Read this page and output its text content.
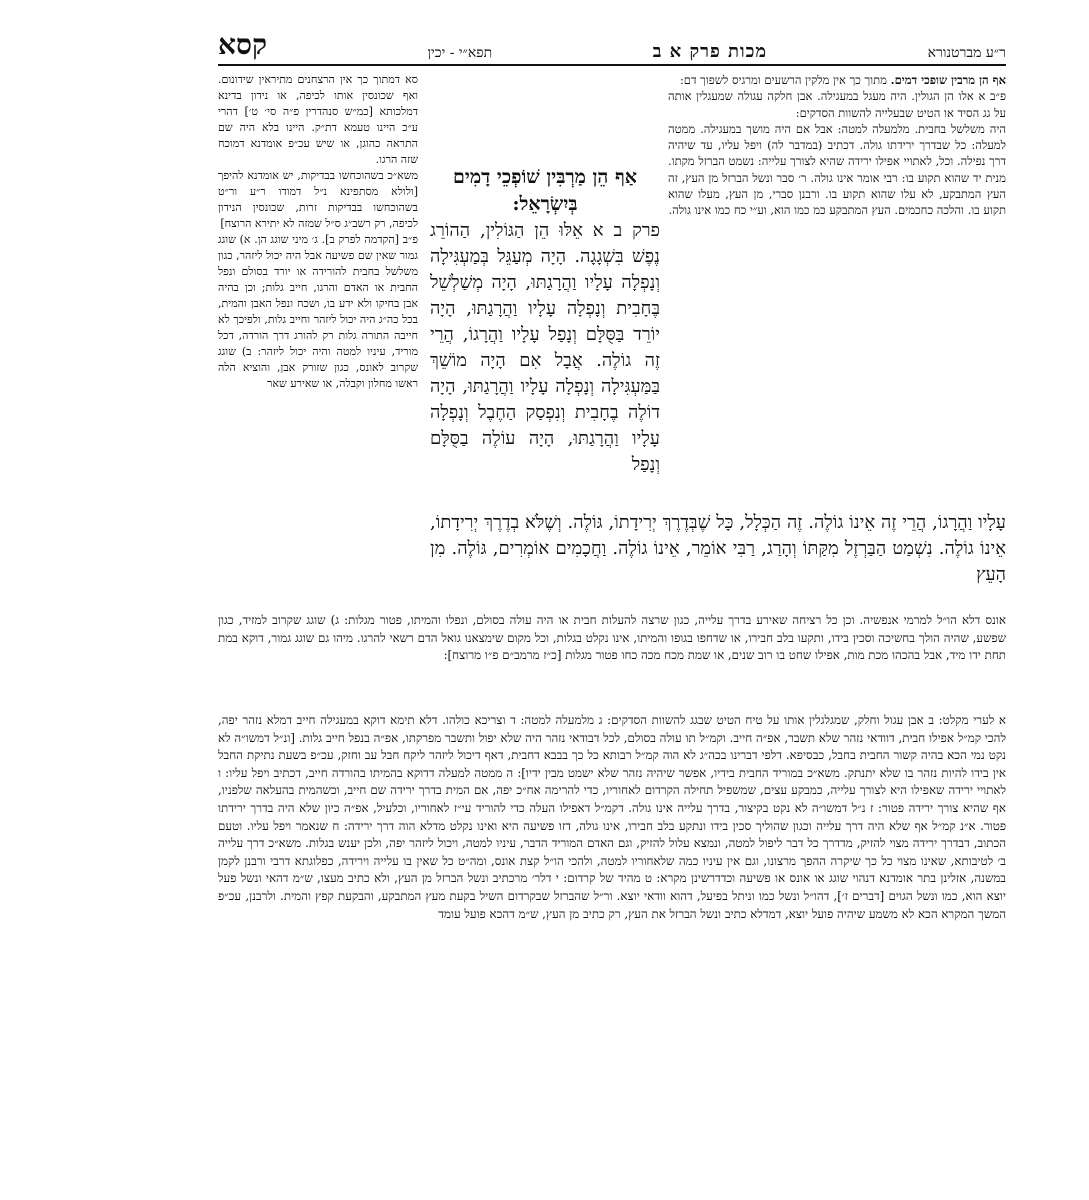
ר״ע מברטנורא
מכות פרק א ב
תפא״י - יכין
קסא
אף הן מרבין שופכי דמים. מתוך כך אין מלקין הרשעים ומרגיס לשפוך דם:
פ״ב א אלו הן הגולין. היה מעגל במעגילה. אבן חלקה עגולה שמעגלין אותה על גג הסיד או הטיט שבעלייה להשוות הסדקים:
היה משלשל בחבית. מלמעלה למטה: אבל אם היה מושך במעגילה. ממטה למעלה: כל שבדרך ירידתו גולה. דכתיב (במדבר לה) ויפל עליו, עד שיהיה דרך נפילה. וכל, לאתויי אפילו ירידה שהיא לצורך עלייה: נשמט הברזל מקתו. מנית יד שהוא תקוע בו: רבי אומר אינו גולה. ר׳ סבר ונשל הברזל מן העץ, זה העץ המתבקע, לא עלו שהוא תקוע בו. ורבנן סברי, מן העץ, מעלו שהוא תקוע בו. והלכה כחכמים. העץ המתבקע כמ כמו הוא, וע״י כח כמו אינו גולה.
סא דמתוך כך אין הרצחנים מתיראין שידונום. ואף שכונסין אותו לכיפה, או נידון בדינא דמלכותא [כמ״ש סנהדרין פ״ה סי׳ ט׳] דהרי ע״כ היינו טעמא דת״ק. היינו בלא היה שם התראה כהוגן, או שיש עכ״פ אומדנא דמוכח שזה הרגו.
משא״כ בשהוכחשו בבדיקות, יש אומדנא להיפך [ולולא מסתפינא נ״ל דמודו ר״ע ור״ט בשהוכחשו בבדיקות זרות, שכונסין הנידון לכיפה, רק רשב״ג ס״ל שמזה לא יתירא הרוצח]
פ״ב [הקדמה לפרק ב]. ג׳ מיני שוגג הן. א) שוגג גמור שאין שם פשיעה אבל היה יכול ליזהר, כגון משלשל בחבית להורידה או יורד בסולם ונפל החבית או האדם והרגו, חייב גלות; וכן בהיה אבן בחיקו ולא ידע בו, ושכח ונפל האבן והמית, בכל כה״ג היה יכול ליזהר וחייב גלות, ולפיכך לא חייבה התורה גלות רק להורג דרך הורדה, דכל מוריד, עיניו למטה והיה יכול ליזהר: ב) שוגג שקרוב לאונס, כגון שזורק אבן, והוציא הלה ראשו מחלון וקבלה, או שאירע שאר
אַף הֵן מַרְבִּין שׁוֹפְכֵי דָמִים בְּיִשְׂרָאֵל:
פרק ב א אֵלּוּ הֵן הַגּוֹלִין, הַהוֹרֵג נֶפֶשׁ בִּשְׁגָגָה. הָיָה מְעַגֵּל בְּמַעְגִּילָה וְנָפְלָה עָלָיו וַהֲרָגַתּוּ, הָיָה מְשַׁלְשֵׁל בֶּחָבִית וְנָפְלָה עָלָיו וַהֲרָגַתּוּ, הָיָה יוֹרֵד בַּסֻּלָּם וְנָפַל עָלָיו וַהֲרָגוֹ, הֲרֵי זֶה גוֹלֶה. אֲבָל אִם הָיָה מוֹשֵׁךְ בַּמַּעְגִּילָה וְנָפְלָה עָלָיו וַהֲרָגַתּוּ, הָיָה דוֹלֶה בֶחָבִית וְנִפְסַק הַחֶבֶל וְנָפְלָה עָלָיו וַהֲרָגַתּוּ, הָיָה עוֹלֶה בַסֻּלָּם וְנָפַל
עָלָיו וַהֲרָגוֹ, הֲרֵי זֶה אֵינוֹ גוֹלֶה. זֶה הַכְּלָל, כָּל שֶׁבְּדֶרֶךְ יְרִידָתוֹ, גּוֹלֶה. וְשֶׁלֹּא בְדֶרֶךְ יְרִידָתוֹ, אֵינוֹ גוֹלֶה. נִשְׁמַט הַבַּרְזֶל מִקַּתּוֹ וְהָרַג, רַבִּי אוֹמֵר, אֵינוֹ גוֹלֶה. וַחֲכָמִים אוֹמְרִים, גּוֹלֶה. מִן הָעֵץ
אונס דלא הו״ל למרמי אנפשיה. וכן כל רציחה שאירע בדרך עלייה, כגון שרצה להעלות חבית או היה עולה בסולם, ונפלו והמיתו, פטור מגלות: ג) שוגג שקרוב למזיד, כגון שפשע, שהיה הולך בחשיכה וסכין בידו, ותקעו בלב חבירו, או שדחפו בגופו והמיתו, אינו נקלט בגלות, וכל מקום שימצאנו גואל הדם רשאי להרגו. מיהו גם שוגג גמור, דוקא במת תחת ידו מיד, אבל בהכהו מכת מות, אפילו שחט בו רוב שנים, או שמת מכח מכה כחו פטור מגלות [כ״ז מרמב״ם פ״ו מרוצח]:
א לערי מקלט: ב אבן עגול וחלק, שמגלגלין אותו על טיח הטיט שבגג להשוות הסדקים: ג מלמעלה למטה: ד וצריכא כולהו. דלא תימא דוקא במעגילה חייב דמלא נזהר יפה, להכי קמ״ל אפילו חבית, דוודאי נזהר שלא תשבר, אפ״ה חייב. וקמ״ל תו עולה בסולם, לכל דבודאי נזהר היה שלא יפול ותשבר מפרקתו, אפ״ה בנפל חייב גלות. [ונ״ל דמשו״ה לא נקט נמי הכא בהיה קשור החבית בחבל, כבסיפא. דלפי דברינו בכה״ג לא הוה קמ״ל רבותא כל כך בבבא דחבית, דאף דיכול ליזהר ליקח חבל עב וחזק, עכ״פ בשעת נתיקת החבל אין בידו להיות נזהר בו שלא יתנתק. משא״כ במוריד החבית בידיו, אפשר שיהיה נזהר שלא ישמט מבין ידיו]: ה ממטה למעלה דדוקא בהמיתו בהורדה חייב, דכתיב ויפל עליו: ו לאתויי ירידה שאפילו היא לצורך עלייה, כמבקע עצים, שמשפיל תחילה הקרדום לאחוריו, כדי להרימה אח״כ יפה, אם המית בדרך ירידה שם חייב, וכשהמית בהעלאה שלפניו, אף שהיא צורך ירידה פטור: ז נ״ל דמשו״ה לא נקט בקיצור, בדרך עלייה אינו גולה. דקמ״ל דאפילו העלה כדי להוריד עי״ז לאחוריו, וכלעיל, אפ״ה כיון שלא היה בדרך ירידתו פטור. א״נ קמ״ל אף שלא היה דרך עלייה וכגון שהוליך סכין בידו ונתקע בלב חבירו, אינו גולה, דזו פשיעה היא ואינו נקלט מדלא הוה דרך ירידה: ח שנאמר ויפל עליו. וטעם הכתוב, דבדרך ירידה מצוי להזיק, מדדרך כל דבר ליפול למטה, ונמצא עלול להזיק, וגם האדם המוריד הדבר, עיניו למטה, ויכול ליזהר יפה, ולכן יענש בגלות. משא״כ דרך עלייה ב׳ לטיבותא, שאינו מצוי כל כך שיקרה ההפך מרצונו, וגם אין עיניו כמה שלאחוריו למטה, ולהכי הו״ל קצת אונס, ומה״ט כל שאין בו עלייה וירידה, כפלוגתא דרבי ורבנן לקמן במשנה, אזלינן בתר אומדנא דנהוי שוגג או אונס או פשיעה וכדדרשינן מקרא: ט מהיד של קרדום: י דלר׳ מרכתיב ונשל הברזל מן העץ, ולא כתיב מעצו, ש״מ דהאי ונשל פעל יוצא הוא, כמו ונשל הגוים [דברים ז׳], דהו״ל ונשל כמו וניתל בפיעל, דהוא וודאי יוצא. ור״ל שהברזל שבקרדום השיל בקעת מעץ המתבקע, והבקעת קפץ והמית. ולרבנן, עכ״פ המשך המקרא הכא לא משמע שיהיה פועל יוצא, דמדלא כתיב ונשל הברזל את העץ, רק כתיב מן העץ, ש״מ דהכא פועל עומד
